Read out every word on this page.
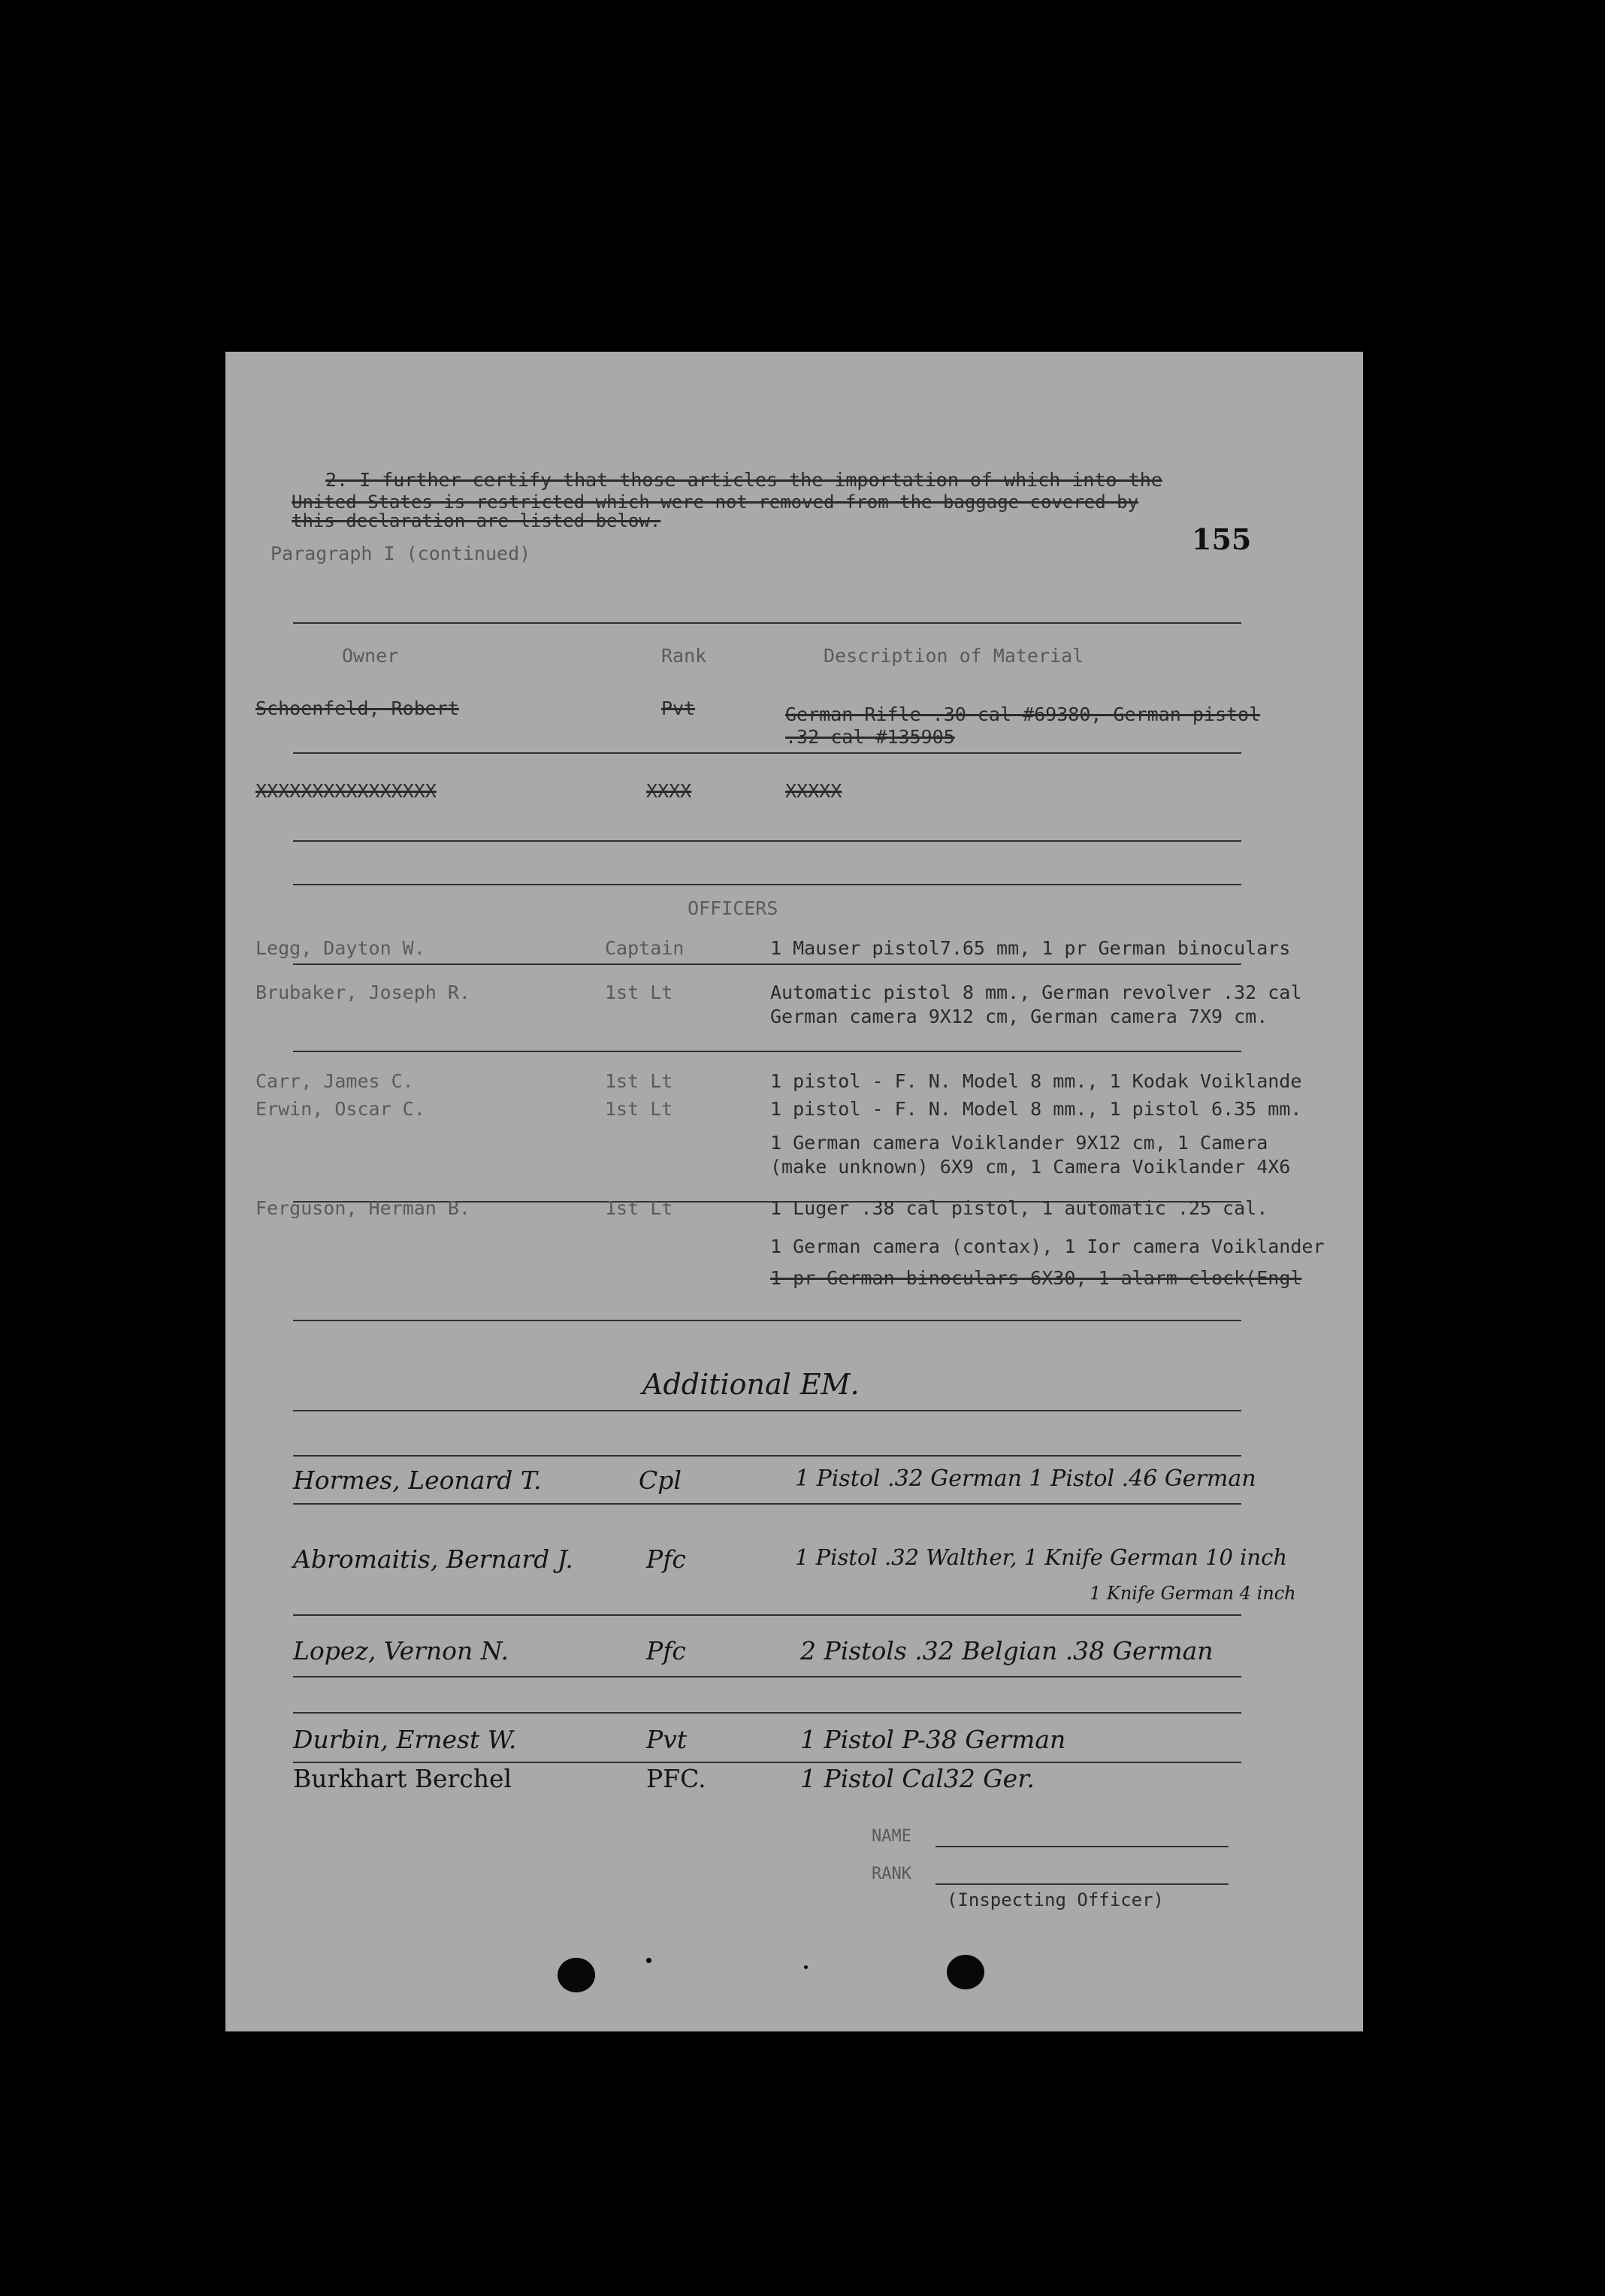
2. I further certify that those articles the importation of which into the
United States is restricted which were not removed from the baggage covered by
this declaration are listed below.
155
Paragraph I (continued)
Owner	Rank	Description of Material
Schoenfeld, Robert	Pvt	German Rifle .30 cal #69380, German pistol
.32 cal #135905
XXXXXXXXXXXXXXXX	XXXX	XXXXX
OFFICERS
Legg, Dayton W.	Captain	1 Mauser pistol7.65 mm, 1 pr German binoculars
Brubaker, Joseph R.	1st Lt	Automatic pistol 8 mm., German revolver .32 cal
German camera 9X12 cm, German camera 7X9 cm.
Carr, James C.	1st Lt	1 pistol - F. N. Model 8 mm., 1 Kodak Voiklande
Erwin, Oscar C.	1st Lt	1 pistol - F. N. Model 8 mm., 1 pistol 6.35 mm.
1 German camera Voiklander 9X12 cm, 1 Camera
(make unknown) 6X9 cm, 1 Camera Voiklander 4X6
Ferguson, Herman B.	1st Lt	1 Luger .38 cal pistol, 1 automatic .25 cal.
1 German camera (contax), 1 Ior camera Voiklander
1 pr German binoculars 6X30, 1 alarm clock(Engl
Additional EM.
Hormes, Leonard T.	Cpl	1 Pistol .32 German 1 Pistol .46 German
Abromaitis, Bernard J.	Pfc	1 Pistol .32 Walther, 1 Knife German 10 inch
1 Knife German 4 inch
Lopez, Vernon N.	Pfc	2 Pistols .32 Belgian .38 German
Durbin, Ernest W.	Pvt	1 Pistol P-38 German
Burkhart Berchel	PFC.	1 Pistol Cal32 Ger.
NAME
RANK
(Inspecting Officer)
